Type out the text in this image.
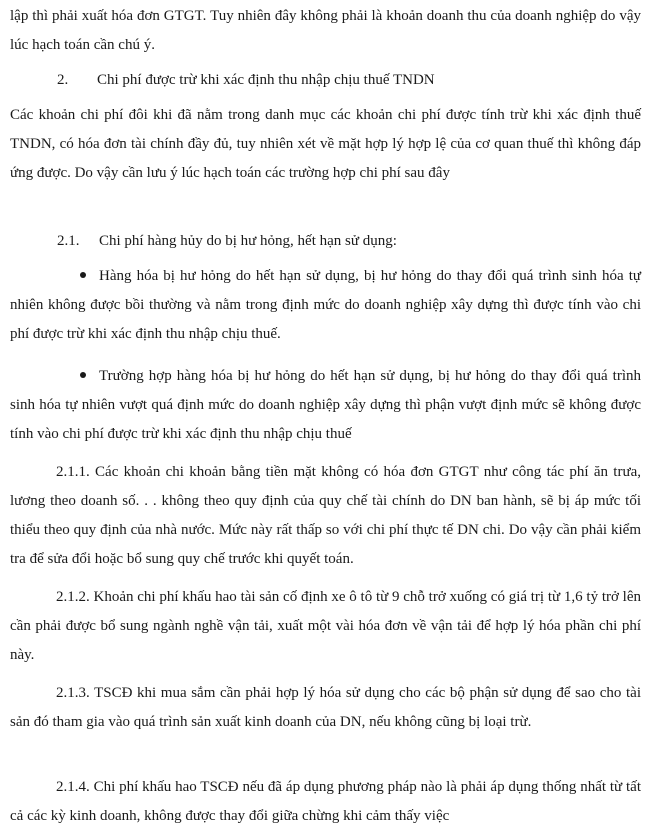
lập thì phải xuất hóa đơn GTGT. Tuy nhiên đây không phải là khoản doanh thu của doanh nghiệp do vậy lúc hạch toán cần chú ý.

2. Chi phí được trừ khi xác định thu nhập chịu thuế TNDN

Các khoản chi phí đôi khi đã nằm trong danh mục các khoản chi phí được tính trừ khi xác định thuế TNDN, có hóa đơn tài chính đầy đủ, tuy nhiên xét về mặt hợp lý hợp lệ của cơ quan thuế thì không đáp ứng được. Do vậy cần lưu ý lúc hạch toán các trường hợp chi phí sau đây

2.1. Chi phí hàng hủy do bị hư hỏng, hết hạn sử dụng:

Hàng hóa bị hư hỏng do hết hạn sử dụng, bị hư hỏng do thay đổi quá trình sinh hóa tự nhiên không được bồi thường và nằm trong định mức do doanh nghiệp xây dựng thì được tính vào chi phí được trừ khi xác định thu nhập chịu thuế.

Trường hợp hàng hóa bị hư hỏng do hết hạn sử dụng, bị hư hỏng do thay đổi quá trình sinh hóa tự nhiên vượt quá định mức do doanh nghiệp xây dựng thì phận vượt định mức sẽ không được tính vào chi phí được trừ khi xác định thu nhập chịu thuế

2.1.1. Các khoản chi khoản bằng tiền mặt không có hóa đơn GTGT như công tác phí ăn trưa, lương theo doanh số. . . không theo quy định của quy chế tài chính do DN ban hành, sẽ bị áp mức tối thiểu theo quy định của nhà nước. Mức này rất thấp so với chi phí thực tế DN chi. Do vậy cần phải kiểm tra để sửa đổi hoặc bổ sung quy chế trước khi quyết toán.

2.1.2. Khoản chi phí khấu hao tài sản cố định xe ô tô từ 9 chỗ trở xuống có giá trị từ 1,6 tỷ trở lên cần phải được bổ sung ngành nghề vận tải, xuất một vài hóa đơn về vận tải để hợp lý hóa phần chi phí này.

2.1.3. TSCĐ khi mua sắm cần phải hợp lý hóa sử dụng cho các bộ phận sử dụng để sao cho tài sản đó tham gia vào quá trình sản xuất kinh doanh của DN, nếu không cũng bị loại trừ.

2.1.4. Chi phí khấu hao TSCĐ nếu đã áp dụng phương pháp nào là phải áp dụng thống nhất từ tất cả các kỳ kinh doanh, không được thay đổi giữa chừng khi cảm thấy việc
